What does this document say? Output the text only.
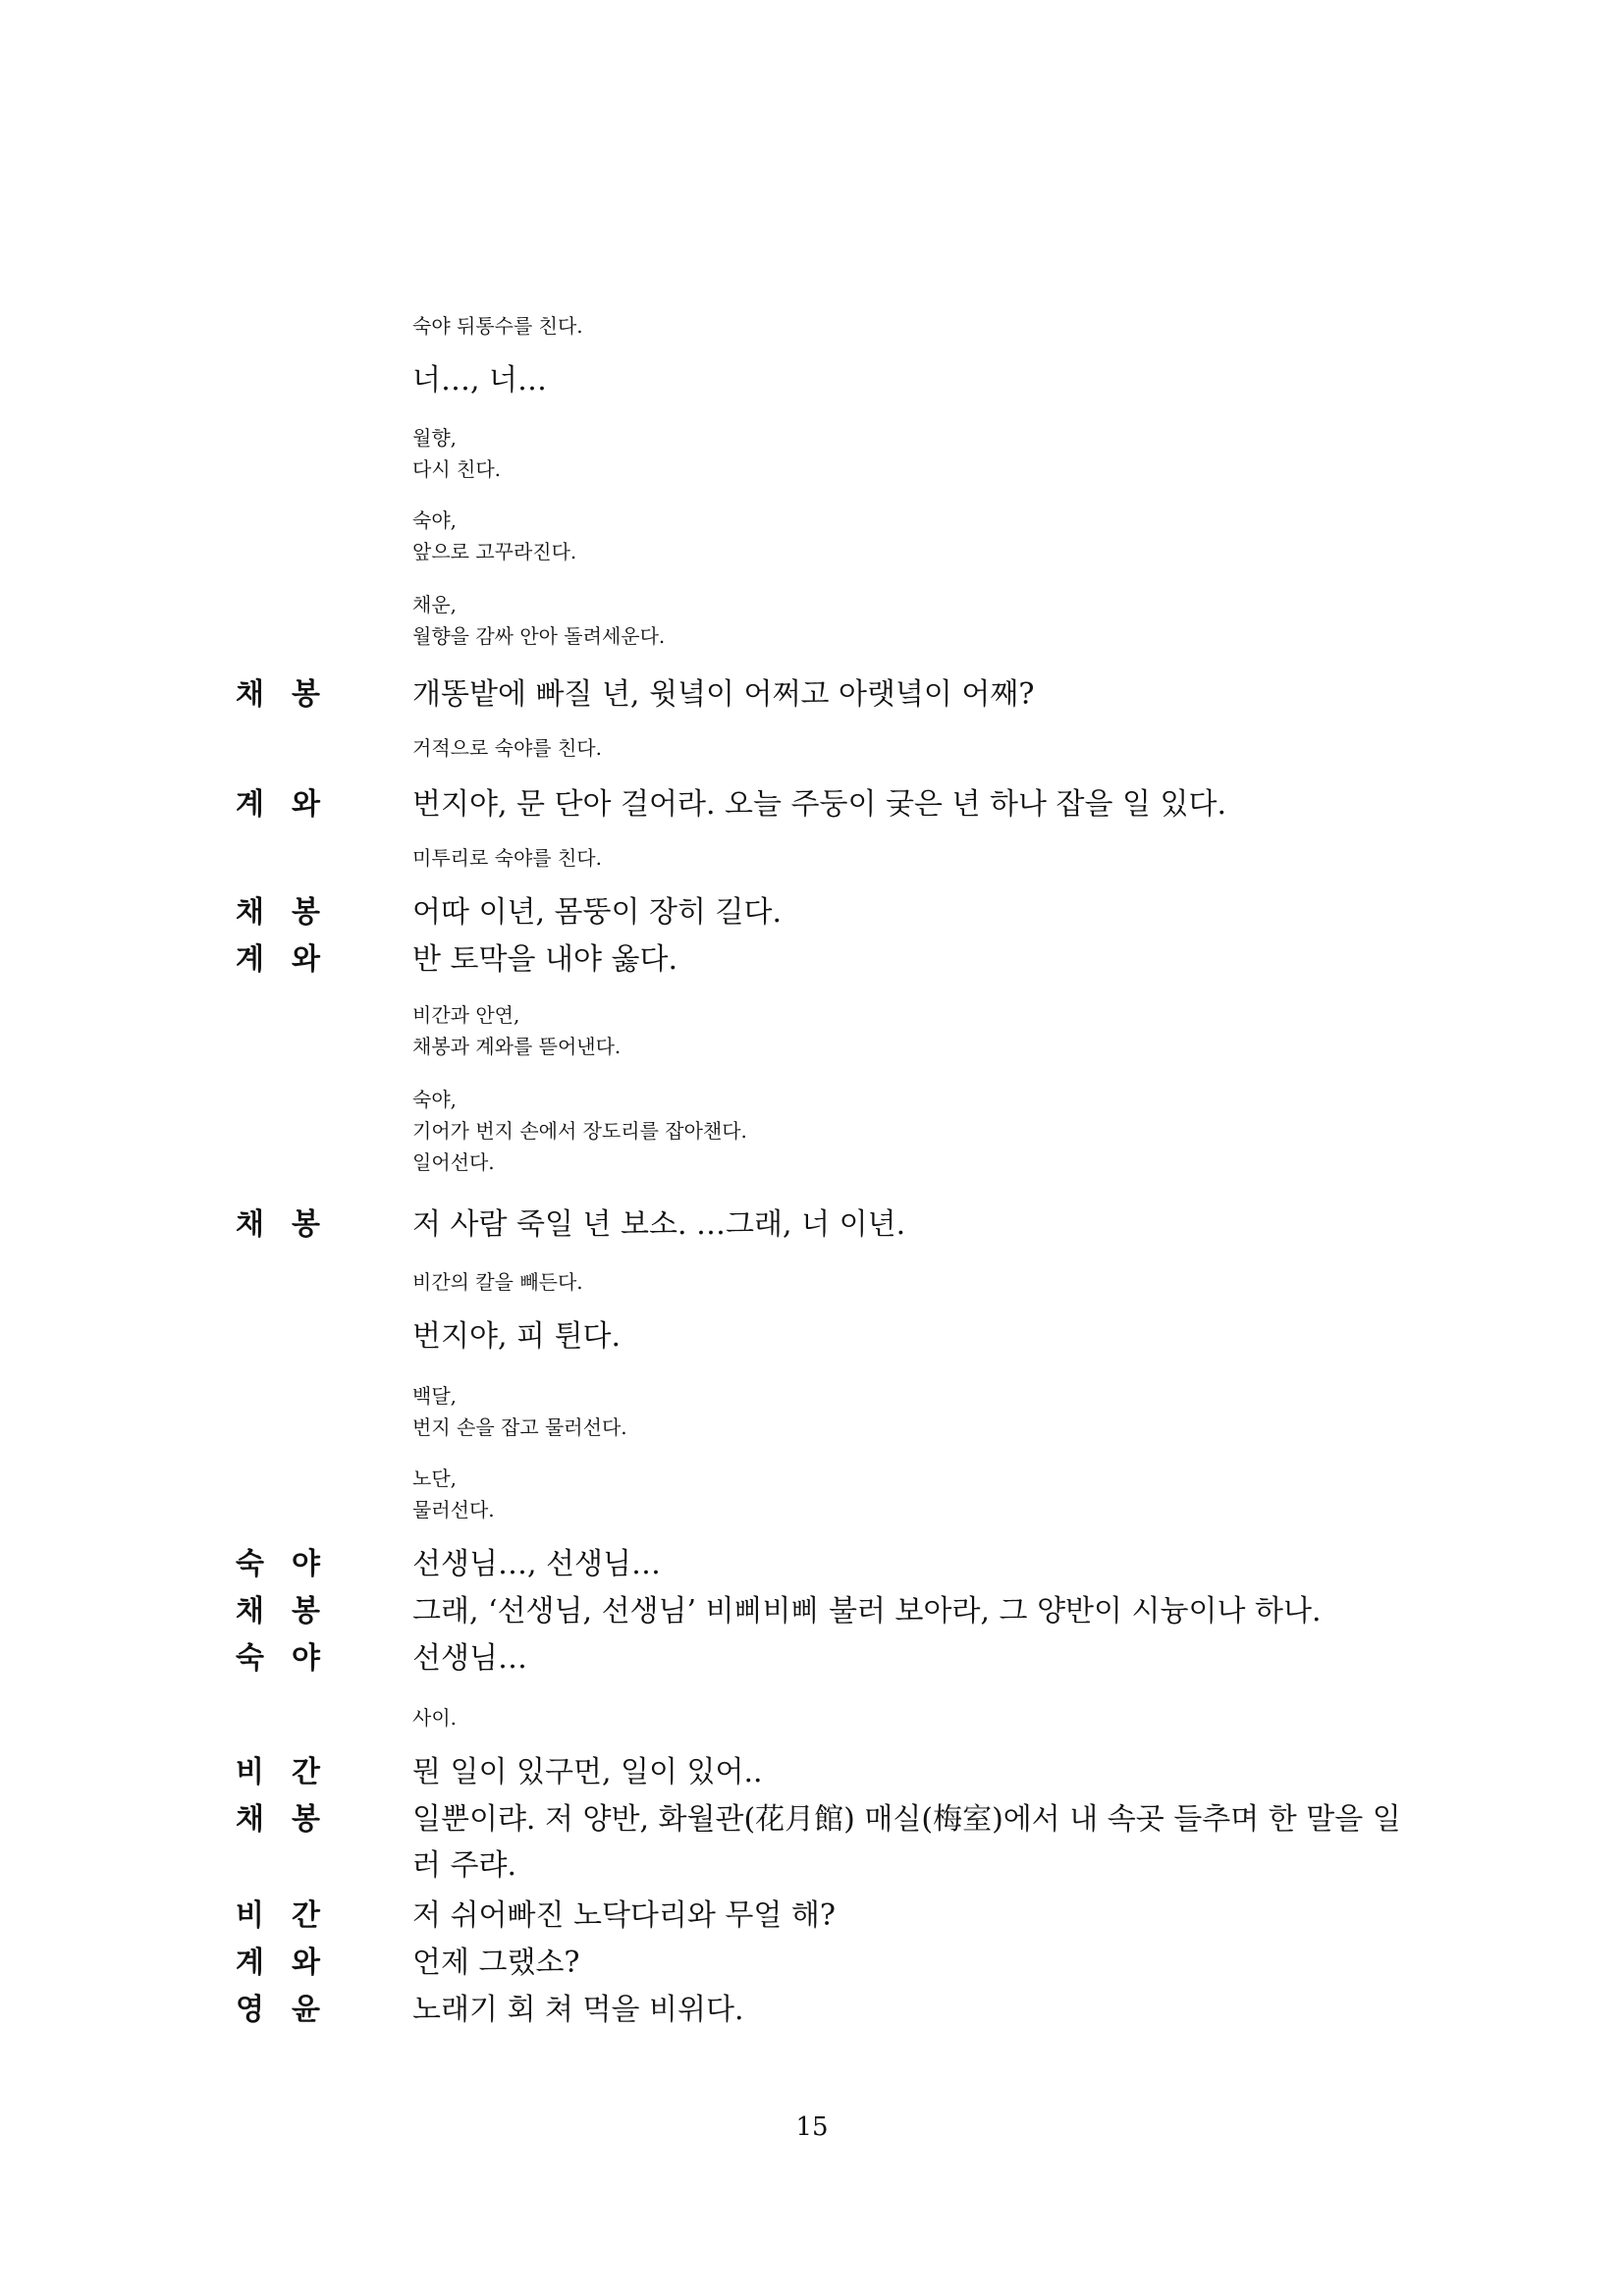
숙야 뒤통수를 친다.
너…, 너…
월향,
다시 친다.
숙야,
앞으로 고꾸라진다.
채운,
월향을 감싸 안아 돌려세운다.
채봉 개똥밭에 빠질 년, 윗녘이 어쩌고 아랫녘이 어째?
거적으로 숙야를 친다.
계와 번지야, 문 단아 걸어라. 오늘 주둥이 궂은 년 하나 잡을 일 있다.
미투리로 숙야를 친다.
채봉 어따 이년, 몸뚱이 장히 길다.
계와 반 토막을 내야 옳다.
비간과 안연,
채봉과 계와를 뜯어낸다.
숙야,
기어가 번지 손에서 장도리를 잡아챈다.
일어선다.
채봉 저 사람 죽일 년 보소. …그래, 너 이년.
비간의 칼을 빼든다.
번지야, 피 튄다.
백달,
번지 손을 잡고 물러선다.
노단,
물러선다.
숙야 선생님…, 선생님…
채봉 그래, ‘선생님, 선생님’ 비삐비삐 불러 보아라, 그 양반이 시늉이나 하나.
숙야 선생님…
사이.
비간 뭔 일이 있구먼, 일이 있어..
채봉 일뿐이랴. 저 양반, 화월관(花月館) 매실(梅室)에서 내 속곳 들추며 한 말을 일러 주랴.
비간 저 쉬어빠진 노닥다리와 무얼 해?
계와 언제 그랬소?
영윤 노래기 회 쳐 먹을 비위다.
15
